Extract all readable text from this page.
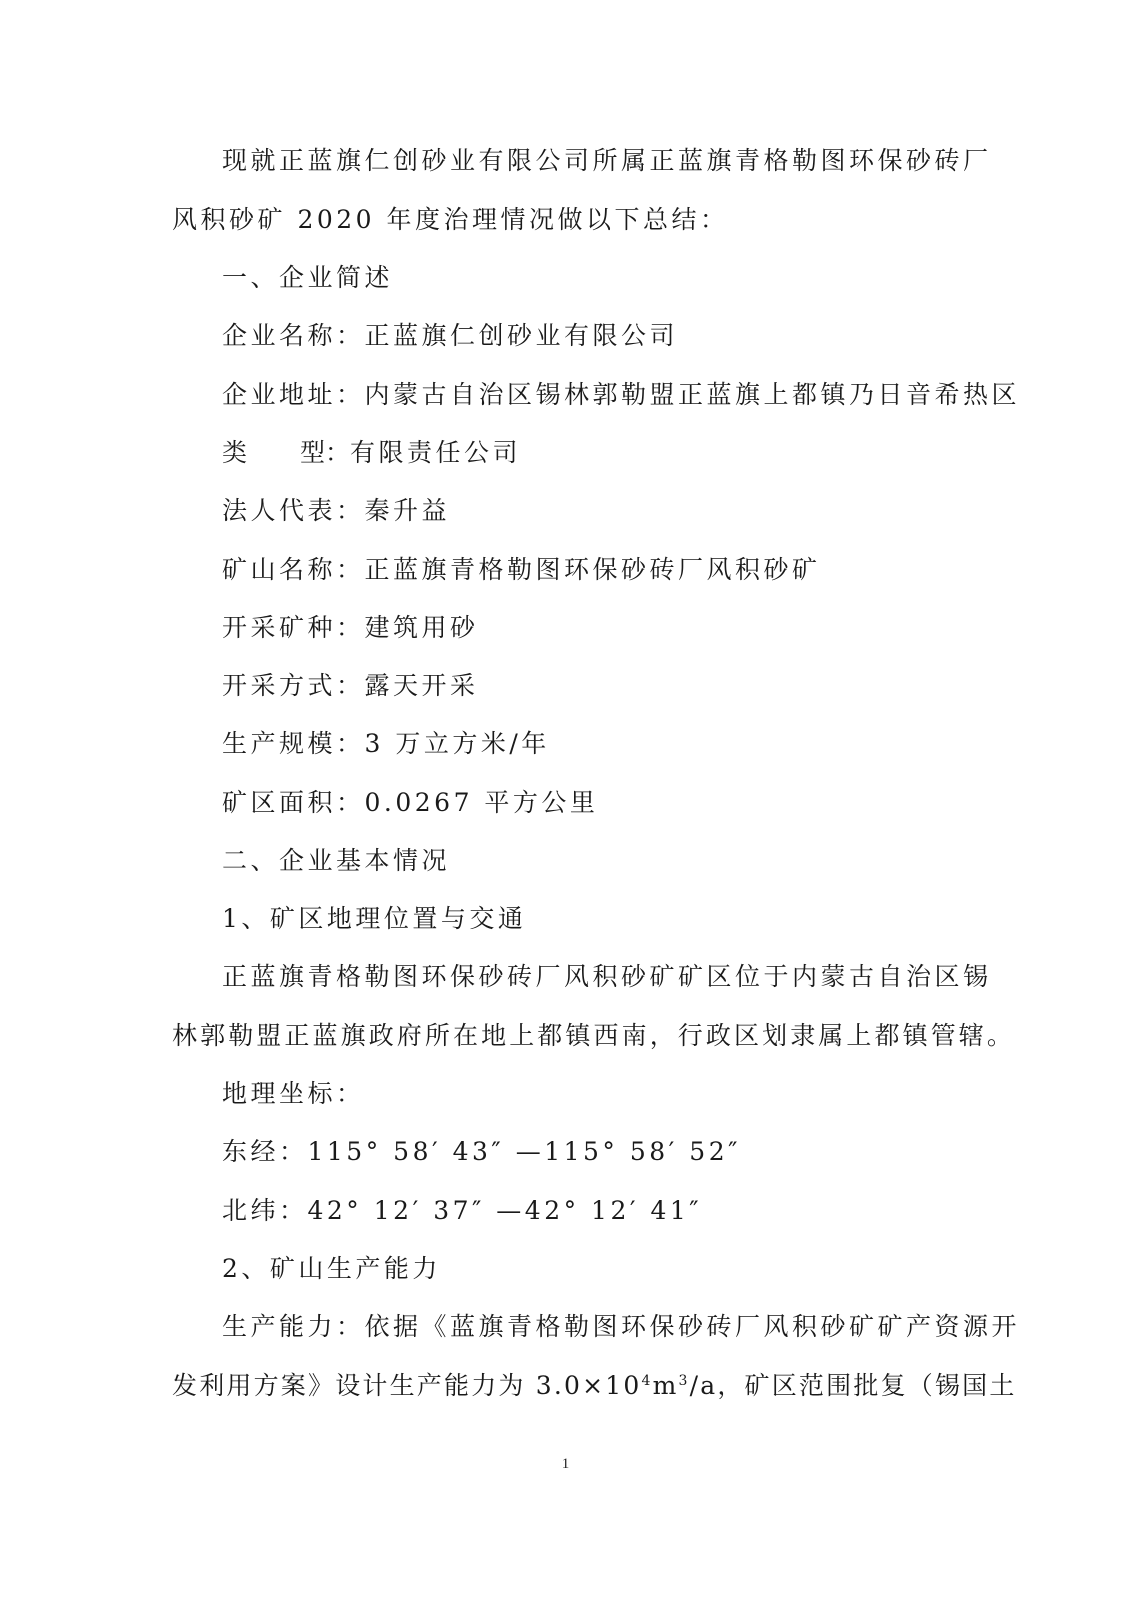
现就正蓝旗仁创砂业有限公司所属正蓝旗青格勒图环保砂砖厂

风积砂矿 2020 年度治理情况做以下总结：

一、企业简述

企业名称：正蓝旗仁创砂业有限公司

企业地址：内蒙古自治区锡林郭勒盟正蓝旗上都镇乃日音希热区

类 型：有限责任公司

法人代表：秦升益

矿山名称：正蓝旗青格勒图环保砂砖厂风积砂矿

开采矿种：建筑用砂

开采方式：露天开采

生产规模：3 万立方米/年

矿区面积：0.0267 平方公里

二、企业基本情况

1、矿区地理位置与交通

正蓝旗青格勒图环保砂砖厂风积砂矿矿区位于内蒙古自治区锡

林郭勒盟正蓝旗政府所在地上都镇西南，行政区划隶属上都镇管辖。

地理坐标：

东经：115° 58′ 43″ —115° 58′ 52″

北纬：42° 12′ 37″ —42° 12′ 41″

2、矿山生产能力

生产能力：依据《蓝旗青格勒图环保砂砖厂风积砂矿矿产资源开

发利用方案》设计生产能力为 $3.0\times 10^4m^3/a$，矿区范围批复（锡国土

1
